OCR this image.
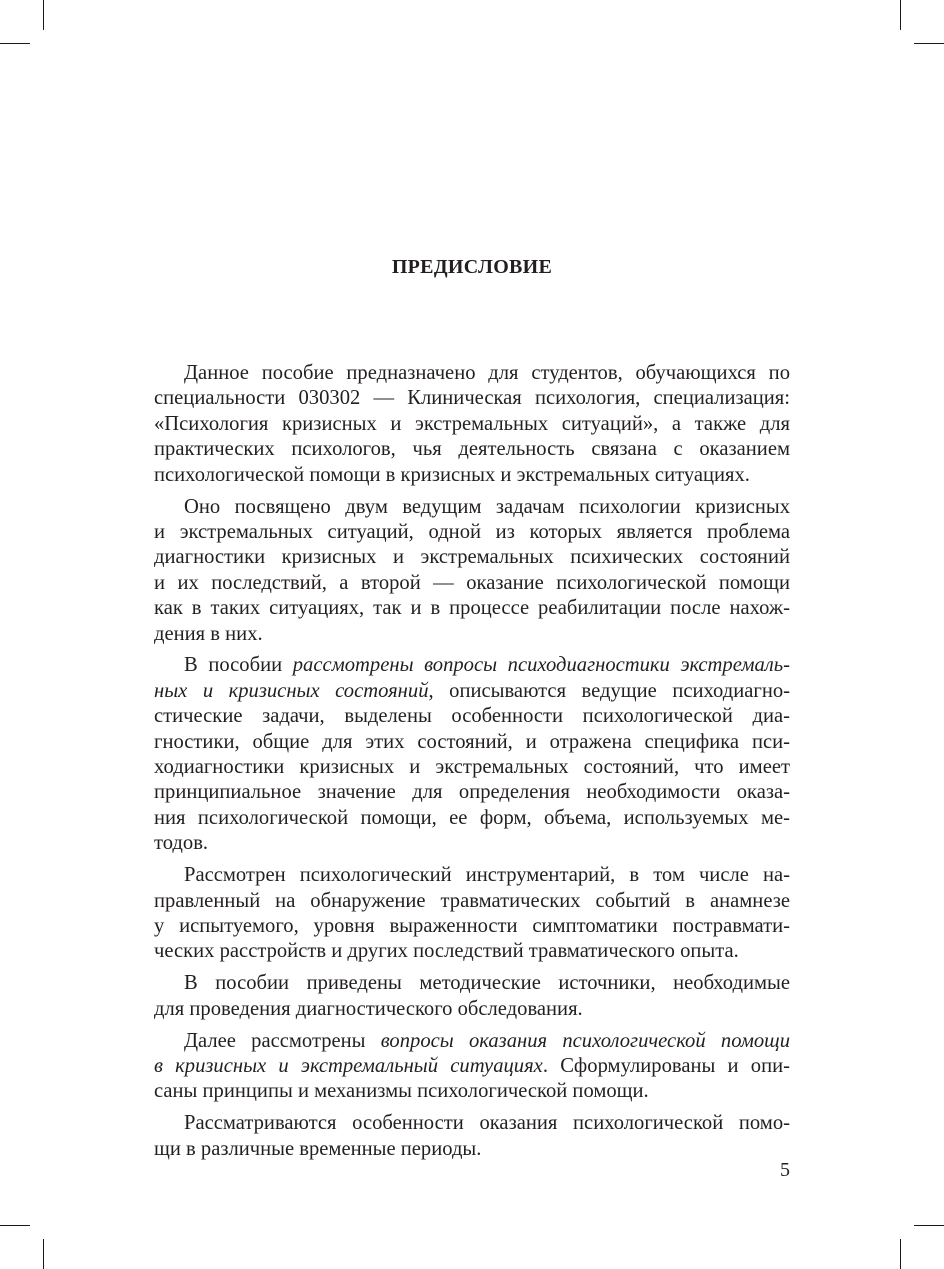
ПРЕДИСЛОВИЕ
Данное пособие предназначено для студентов, обучающихся по
специальности 030302 — Клиническая психология, специализация:
«Психология кризисных и экстремальных ситуаций», а также для
практических психологов, чья деятельность связана с оказанием
психологической помощи в кризисных и экстремальных ситуациях.
Оно посвящено двум ведущим задачам психологии кризисных
и экстремальных ситуаций, одной из которых является проблема
диагностики кризисных и экстремальных психических состояний
и их последствий, а второй — оказание психологической помощи
как в таких ситуациях, так и в процессе реабилитации после нахож-
дения в них.
В пособии рассмотрены вопросы психодиагностики экстремаль-
ных и кризисных состояний, описываются ведущие психодиагно-
стические задачи, выделены особенности психологической диа-
гностики, общие для этих состояний, и отражена специфика пси-
ходиагностики кризисных и экстремальных состояний, что имеет
принципиальное значение для определения необходимости оказа-
ния психологической помощи, ее форм, объема, используемых ме-
тодов.
Рассмотрен психологический инструментарий, в том числе на-
правленный на обнаружение травматических событий в анамнезе
у испытуемого, уровня выраженности симптоматики постравмати-
ческих расстройств и других последствий травматического опыта.
В пособии приведены методические источники, необходимые
для проведения диагностического обследования.
Далее рассмотрены вопросы оказания психологической помощи
в кризисных и экстремальный ситуациях. Сформулированы и опи-
саны принципы и механизмы психологической помощи.
Рассматриваются особенности оказания психологической помо-
щи в различные временные периоды.

5
